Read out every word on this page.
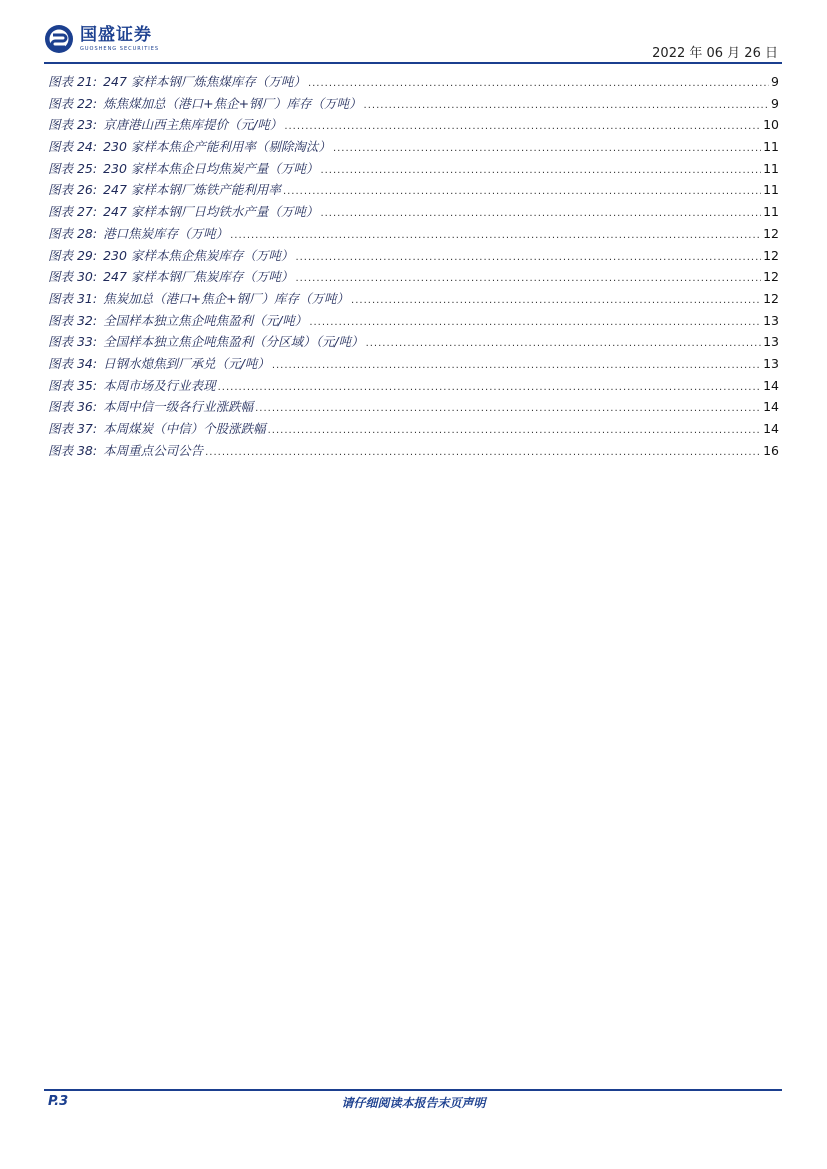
国盛证券
GUOSHENG SECURITIES	2022 年 06 月 26 日
图表 21: 247 家样本钢厂炼焦煤库存（万吨） .....	9
图表 22: 炼焦煤加总（港口+焦企+钢厂）库存（万吨） .....	9
图表 23: 京唐港山西主焦库提价（元/吨） .....	10
图表 24: 230 家样本焦企产能利用率（剔除淘汰） .....	11
图表 25: 230 家样本焦企日均焦炭产量（万吨） .....	11
图表 26: 247 家样本钢厂炼铁产能利用率 .....	11
图表 27: 247 家样本钢厂日均铁水产量（万吨） .....	11
图表 28: 港口焦炭库存（万吨） .....	12
图表 29: 230 家样本焦企焦炭库存（万吨） .....	12
图表 30: 247 家样本钢厂焦炭库存（万吨） .....	12
图表 31: 焦炭加总（港口+焦企+钢厂）库存（万吨） .....	12
图表 32: 全国样本独立焦企吨焦盈利（元/吨） .....	13
图表 33: 全国样本独立焦企吨焦盈利（分区域）（元/吨） .....	13
图表 34: 日钢水熄焦到厂承兑（元/吨） .....	13
图表 35: 本周市场及行业表现 .....	14
图表 36: 本周中信一级各行业涨跌幅 .....	14
图表 37: 本周煤炭（中信）个股涨跌幅 .....	14
图表 38: 本周重点公司公告 .....	16
P.3	请仔细阅读本报告末页声明
